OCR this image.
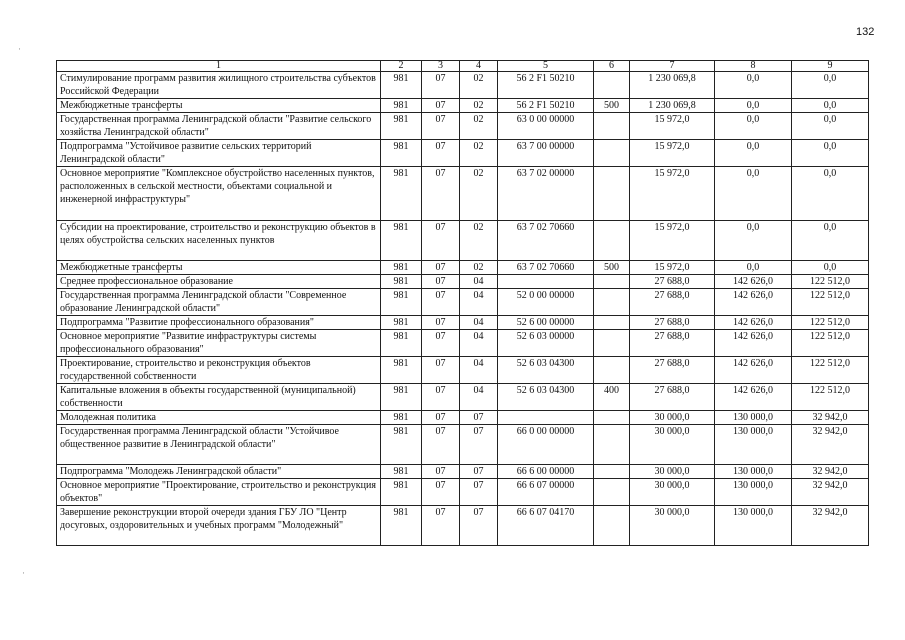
132
·
·
1	2	3	4	5	6	7	8	9
Стимулирование программ развития жилищного строительства субъектов Российской Федерации	981	07	02	56 2 F1 50210		1 230 069,8	0,0	0,0
Межбюджетные трансферты	981	07	02	56 2 F1 50210	500	1 230 069,8	0,0	0,0
Государственная программа Ленинградской области "Развитие сельского хозяйства Ленинградской области"	981	07	02	63 0 00 00000		15 972,0	0,0	0,0
Подпрограмма "Устойчивое развитие сельских территорий Ленинградской области"	981	07	02	63 7 00 00000		15 972,0	0,0	0,0
Основное мероприятие "Комплексное обустройство населенных пунктов, расположенных в сельской местности, объектами социальной и инженерной инфраструктуры"	981	07	02	63 7 02 00000		15 972,0	0,0	0,0
Субсидии на проектирование, строительство и реконструкцию объектов в целях обустройства сельских населенных пунктов	981	07	02	63 7 02 70660		15 972,0	0,0	0,0
Межбюджетные трансферты	981	07	02	63 7 02 70660	500	15 972,0	0,0	0,0
Среднее профессиональное образование	981	07	04			27 688,0	142 626,0	122 512,0
Государственная программа Ленинградской области "Современное образование Ленинградской области"	981	07	04	52 0 00 00000		27 688,0	142 626,0	122 512,0
Подпрограмма "Развитие профессионального образования"	981	07	04	52 6 00 00000		27 688,0	142 626,0	122 512,0
Основное мероприятие "Развитие инфраструктуры системы профессионального образования"	981	07	04	52 6 03 00000		27 688,0	142 626,0	122 512,0
Проектирование, строительство и реконструкция объектов государственной собственности	981	07	04	52 6 03 04300		27 688,0	142 626,0	122 512,0
Капитальные вложения в объекты государственной (муниципальной) собственности	981	07	04	52 6 03 04300	400	27 688,0	142 626,0	122 512,0
Молодежная политика	981	07	07			30 000,0	130 000,0	32 942,0
Государственная программа Ленинградской области "Устойчивое общественное развитие в Ленинградской области"	981	07	07	66 0 00 00000		30 000,0	130 000,0	32 942,0
Подпрограмма "Молодежь Ленинградской области"	981	07	07	66 6 00 00000		30 000,0	130 000,0	32 942,0
Основное мероприятие "Проектирование, строительство и реконструкция объектов"	981	07	07	66 6 07 00000		30 000,0	130 000,0	32 942,0
Завершение реконструкции второй очереди здания ГБУ ЛО "Центр досуговых, оздоровительных и учебных программ "Молодежный"	981	07	07	66 6 07 04170		30 000,0	130 000,0	32 942,0
